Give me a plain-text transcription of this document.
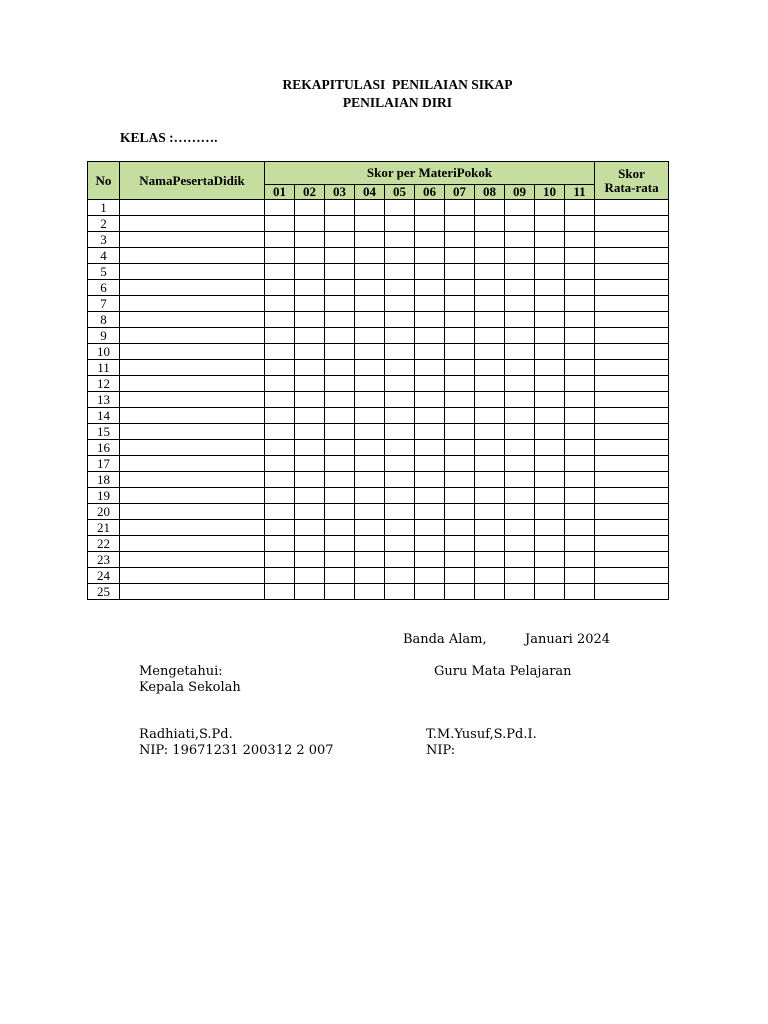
REKAPITULASI  PENILAIAN SIKAP
PENILAIAN DIRI
KELAS :……….
No	NamaPesertaDidik	Skor per MateriPokok											Skor
Rata-rata
		01	02	03	04	05	06	07	08	09	10	11	
1													
2													
3													
4													
5													
6													
7													
8													
9													
10													
11													
12													
13													
14													
15													
16													
17													
18													
19													
20													
21													
22													
23													
24													
25													
Banda Alam,	Januari 2024
Mengetahui:
Kepala Sekolah
Guru Mata Pelajaran
Radhiati,S.Pd.
NIP: 19671231 200312 2 007
T.M.Yusuf,S.Pd.I.
NIP:
